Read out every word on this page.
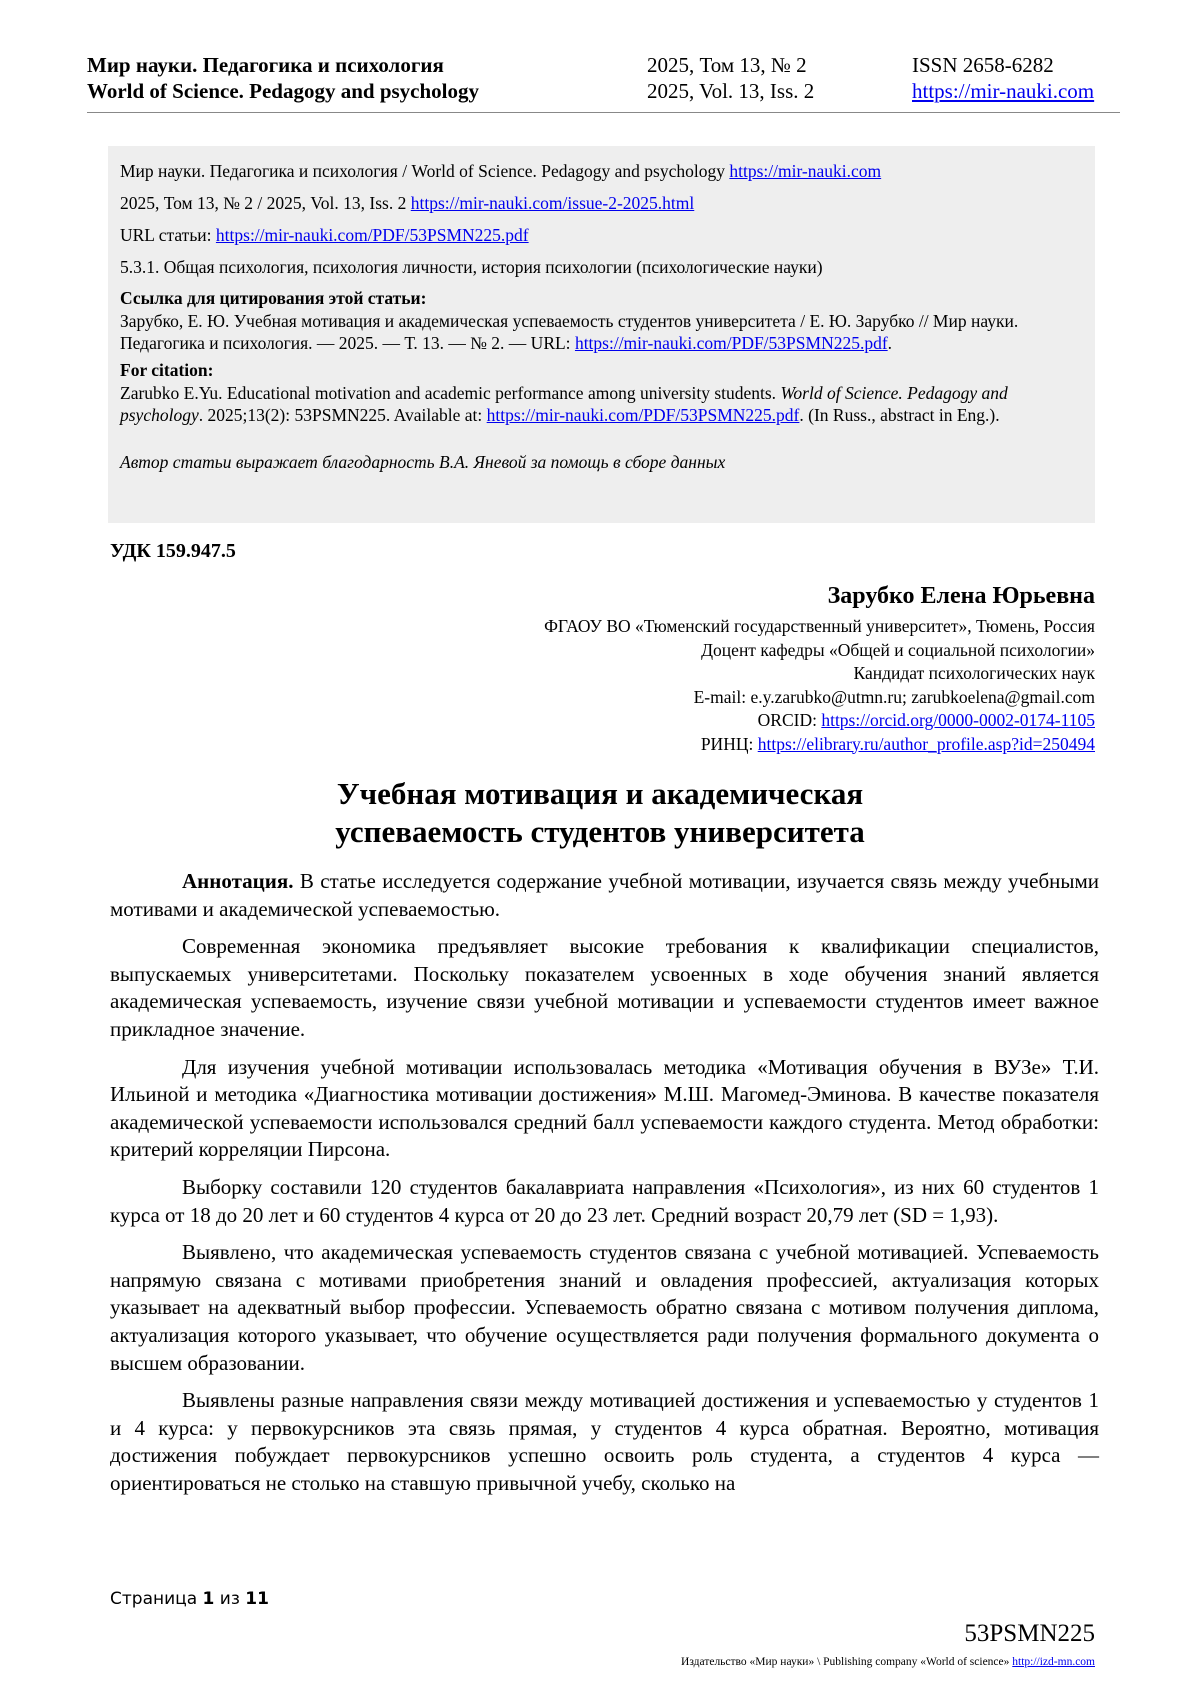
Мир науки. Педагогика и психология
World of Science. Pedagogy and psychology
2025, Том 13, № 2
2025, Vol. 13, Iss. 2
ISSN 2658-6282
https://mir-nauki.com
Мир науки. Педагогика и психология / World of Science. Pedagogy and psychology https://mir-nauki.com
2025, Том 13, № 2 / 2025, Vol. 13, Iss. 2 https://mir-nauki.com/issue-2-2025.html
URL статьи: https://mir-nauki.com/PDF/53PSMN225.pdf
5.3.1. Общая психология, психология личности, история психологии (психологические науки)
Ссылка для цитирования этой статьи:
Зарубко, Е. Ю. Учебная мотивация и академическая успеваемость студентов университета / Е. Ю. Зарубко // Мир науки. Педагогика и психология. — 2025. — Т. 13. — № 2. — URL: https://mir-nauki.com/PDF/53PSMN225.pdf.
For citation:
Zarubko E.Yu. Educational motivation and academic performance among university students. World of Science. Pedagogy and psychology. 2025;13(2): 53PSMN225. Available at: https://mir-nauki.com/PDF/53PSMN225.pdf. (In Russ., abstract in Eng.).
Автор статьи выражает благодарность В.А. Яневой за помощь в сборе данных
УДК 159.947.5
Зарубко Елена Юрьевна
ФГАОУ ВО «Тюменский государственный университет», Тюмень, Россия
Доцент кафедры «Общей и социальной психологии»
Кандидат психологических наук
E-mail: e.y.zarubko@utmn.ru; zarubkoelena@gmail.com
ORCID: https://orcid.org/0000-0002-0174-1105
РИНЦ: https://elibrary.ru/author_profile.asp?id=250494
Учебная мотивация и академическая
успеваемость студентов университета

Аннотация. В статье исследуется содержание учебной мотивации, изучается связь между учебными мотивами и академической успеваемостью.

Современная экономика предъявляет высокие требования к квалификации специалистов, выпускаемых университетами. Поскольку показателем усвоенных в ходе обучения знаний является академическая успеваемость, изучение связи учебной мотивации и успеваемости студентов имеет важное прикладное значение.

Для изучения учебной мотивации использовалась методика «Мотивация обучения в ВУЗе» Т.И. Ильиной и методика «Диагностика мотивации достижения» М.Ш. Магомед-Эминова. В качестве показателя академической успеваемости использовался средний балл успеваемости каждого студента. Метод обработки: критерий корреляции Пирсона.

Выборку составили 120 студентов бакалавриата направления «Психология», из них 60 студентов 1 курса от 18 до 20 лет и 60 студентов 4 курса от 20 до 23 лет. Средний возраст 20,79 лет (SD = 1,93).

Выявлено, что академическая успеваемость студентов связана с учебной мотивацией. Успеваемость напрямую связана с мотивами приобретения знаний и овладения профессией, актуализация которых указывает на адекватный выбор профессии. Успеваемость обратно связана с мотивом получения диплома, актуализация которого указывает, что обучение осуществляется ради получения формального документа о высшем образовании.

Выявлены разные направления связи между мотивацией достижения и успеваемостью у студентов 1 и 4 курса: у первокурсников эта связь прямая, у студентов 4 курса обратная. Вероятно, мотивация достижения побуждает первокурсников успешно освоить роль студента, а студентов 4 курса — ориентироваться не столько на ставшую привычной учебу, сколько на

Страница 1 из 11
53PSMN225
Издательство «Мир науки» \ Publishing company «World of science» http://izd-mn.com
